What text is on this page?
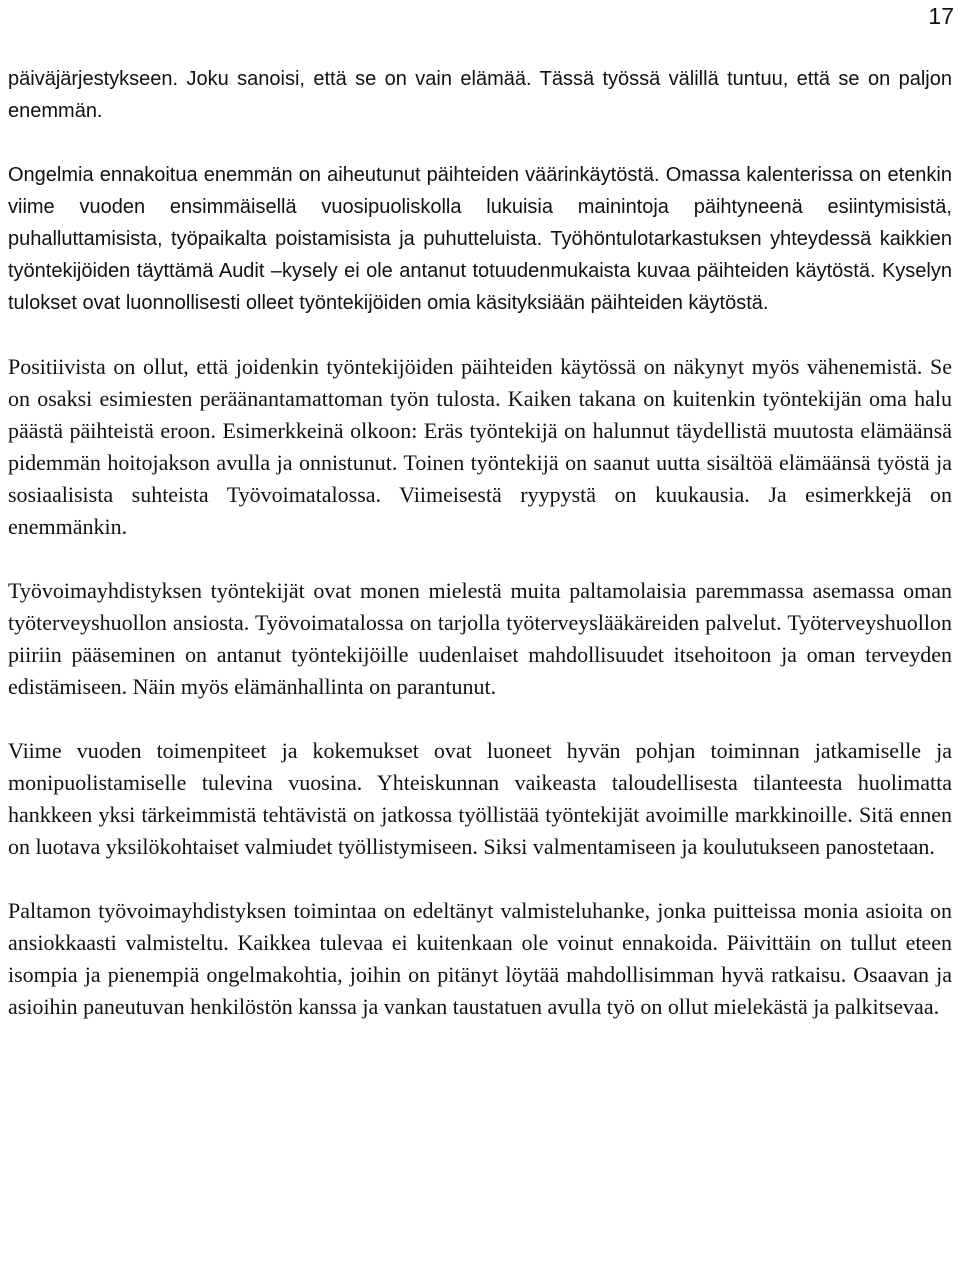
17

päiväjärjestykseen. Joku sanoisi, että se on vain elämää. Tässä työssä välillä tuntuu, että se on paljon enemmän.

Ongelmia ennakoitua enemmän on aiheutunut päihteiden väärinkäytöstä. Omassa kalenterissa on etenkin viime vuoden ensimmäisellä vuosipuoliskolla lukuisia mainintoja päihtyneenä esiintymisistä, puhalluttamisista, työpaikalta poistamisista ja puhutteluista. Työhöntulotarkastuksen yhteydessä kaikkien työntekijöiden täyttämä Audit –kysely ei ole antanut totuudenmukaista kuvaa päihteiden käytöstä. Kyselyn tulokset ovat luonnollisesti olleet työntekijöiden omia käsityksiään päihteiden käytöstä.

Positiivista on ollut, että joidenkin työntekijöiden päihteiden käytössä on näkynyt myös vähenemistä. Se on osaksi esimiesten peräänantamattoman työn tulosta. Kaiken takana on kuitenkin työntekijän oma halu päästä päihteistä eroon. Esimerkkeinä olkoon: Eräs työntekijä on halunnut täydellistä muutosta elämäänsä pidemmän hoitojakson avulla ja onnistunut. Toinen työntekijä on saanut uutta sisältöä elämäänsä työstä ja sosiaalisista suhteista Työvoimatalossa. Viimeisestä ryypystä on kuukausia. Ja esimerkkejä on enemmänkin.

Työvoimayhdistyksen työntekijät ovat monen mielestä muita paltamolaisia paremmassa asemassa oman työterveyshuollon ansiosta. Työvoimatalossa on tarjolla työterveyslääkäreiden palvelut. Työterveyshuollon piiriin pääseminen on antanut työntekijöille uudenlaiset mahdollisuudet itsehoitoon ja oman terveyden edistämiseen. Näin myös elämänhallinta on parantunut.

Viime vuoden toimenpiteet ja kokemukset ovat luoneet hyvän pohjan toiminnan jatkamiselle ja monipuolistamiselle tulevina vuosina. Yhteiskunnan vaikeasta taloudellisesta tilanteesta huolimatta hankkeen yksi tärkeimmistä tehtävistä on jatkossa työllistää työntekijät avoimille markkinoille. Sitä ennen on luotava yksilökohtaiset valmiudet työllistymiseen. Siksi valmentamiseen ja koulutukseen panostetaan.

Paltamon työvoimayhdistyksen toimintaa on edeltänyt valmisteluhanke, jonka puitteissa monia asioita on ansiokkaasti valmisteltu. Kaikkea tulevaa ei kuitenkaan ole voinut ennakoida. Päivittäin on tullut eteen isompia ja pienempiä ongelmakohtia, joihin on pitänyt löytää mahdollisimman hyvä ratkaisu. Osaavan ja asioihin paneutuvan henkilöstön kanssa ja vankan taustatuen avulla työ on ollut mielekästä ja palkitsevaa.
